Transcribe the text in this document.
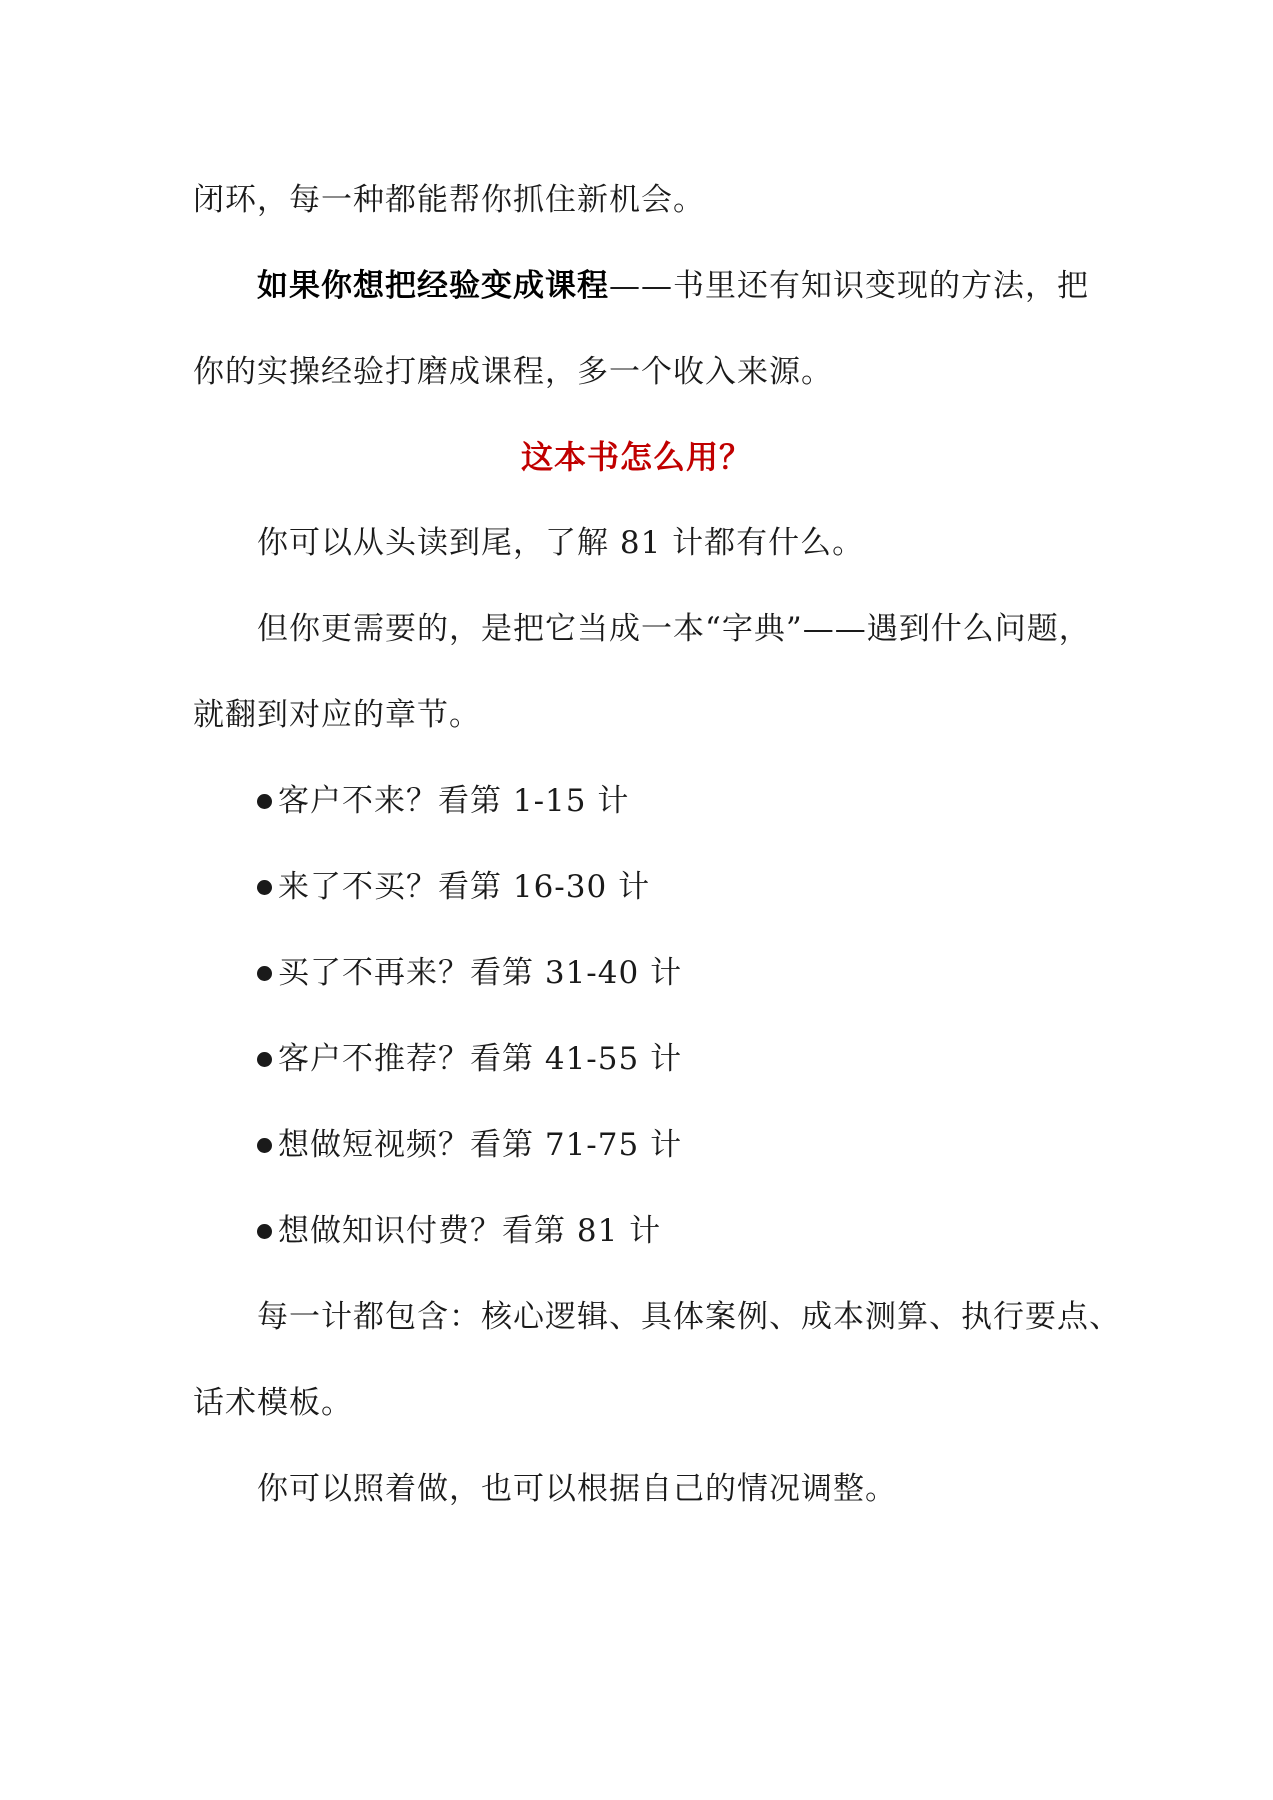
闭环，每一种都能帮你抓住新机会。
如果你想把经验变成课程——书里还有知识变现的方法，把
你的实操经验打磨成课程，多一个收入来源。
这本书怎么用？
你可以从头读到尾，了解 81 计都有什么。
但你更需要的，是把它当成一本“字典”——遇到什么问题，
就翻到对应的章节。
客户不来？看第 1-15 计
来了不买？看第 16-30 计
买了不再来？看第 31-40 计
客户不推荐？看第 41-55 计
想做短视频？看第 71-75 计
想做知识付费？看第 81 计
每一计都包含：核心逻辑、具体案例、成本测算、执行要点、
话术模板。
你可以照着做，也可以根据自己的情况调整。
